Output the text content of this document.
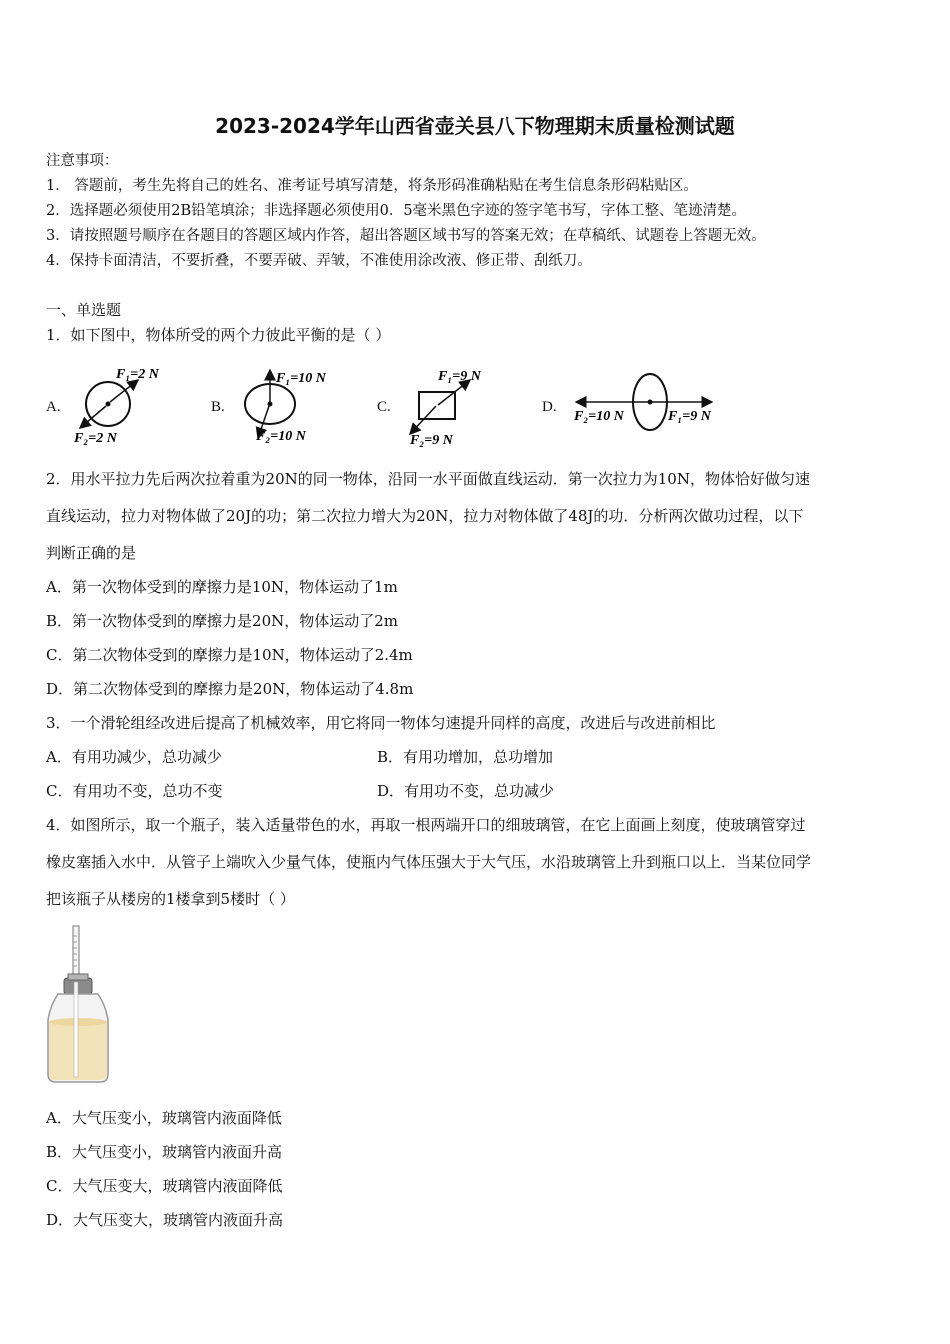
2023-2024学年山西省壶关县八下物理期末质量检测试题
注意事项：
1． 答题前，考生先将自己的姓名、准考证号填写清楚，将条形码准确粘贴在考生信息条形码粘贴区。
2．选择题必须使用2B铅笔填涂；非选择题必须使用0．5毫米黑色字迹的签字笔书写，字体工整、笔迹清楚。
3．请按照题号顺序在各题目的答题区域内作答，超出答题区域书写的答案无效；在草稿纸、试题卷上答题无效。
4．保持卡面清洁，不要折叠，不要弄破、弄皱，不准使用涂改液、修正带、刮纸刀。
一、单选题
1．如下图中，物体所受的两个力彼此平衡的是（ ）
A.
F₁=2 N
F₂=2 N
B.
F₁=10 N
F₂=10 N
C.
F₁=9 N
F₂=9 N
D.
F₂=10 N	F₁=9 N
2．用水平拉力先后两次拉着重为20N的同一物体，沿同一水平面做直线运动．第一次拉力为10N，物体恰好做匀速
直线运动，拉力对物体做了20J的功；第二次拉力增大为20N，拉力对物体做了48J的功．分析两次做功过程，以下
判断正确的是
A．第一次物体受到的摩擦力是10N，物体运动了1m
B．第一次物体受到的摩擦力是20N，物体运动了2m
C．第二次物体受到的摩擦力是10N，物体运动了2.4m
D．第二次物体受到的摩擦力是20N，物体运动了4.8m
3．一个滑轮组经改进后提高了机械效率，用它将同一物体匀速提升同样的高度，改进后与改进前相比
A．有用功减少，总功减少	B．有用功增加，总功增加
C．有用功不变，总功不变	D．有用功不变，总功减少
4．如图所示，取一个瓶子，装入适量带色的水，再取一根两端开口的细玻璃管，在它上面画上刻度，使玻璃管穿过
橡皮塞插入水中．从管子上端吹入少量气体，使瓶内气体压强大于大气压，水沿玻璃管上升到瓶口以上．当某位同学
把该瓶子从楼房的1楼拿到5楼时（ ）
A．大气压变小，玻璃管内液面降低
B．大气压变小，玻璃管内液面升高
C．大气压变大，玻璃管内液面降低
D．大气压变大，玻璃管内液面升高
